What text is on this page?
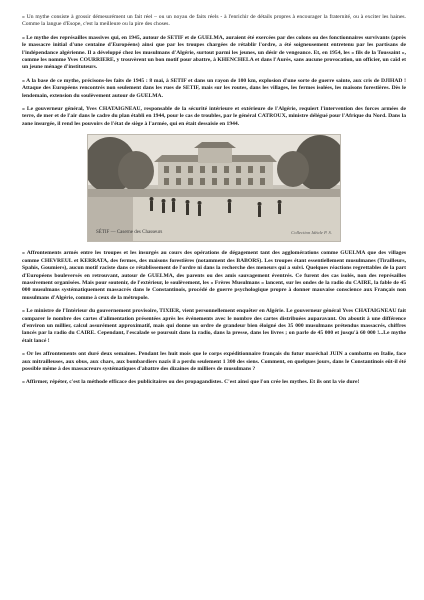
« Un mythe consiste à grossir démesurément un fait réel – ou un noyau de faits réels - à l'enrichir de détails propres à encourager la fraternité, ou à exciter les haines. Comme la langue d'Esope, c'est la meilleure ou la pire des choses.

« Le mythe des représailles massives qui, en 1945, autour de SETIF et de GUELMA, auraient été exercées par des colons ou des fonctionnaires survivants (après le massacre initial d'une centaine d'Européens) ainsi que par les troupes chargées de rétablir l'ordre, a été soigneusement entretenu par les partisans de l'indépendance algérienne. Il a développé chez les musulmans d'Algérie, surtout parmi les jeunes, un désir de vengeance. Et, en 1954, les « fils de la Toussaint », comme les nomme Yves COURRIERE, y trouvèrent un bon motif pour abattre, à KHENCHELA et dans l'Aurès, sans aucune provocation, un officier, un caïd et un jeune ménage d'instituteurs.

« A la base de ce mythe, précisons-les faits de 1945 : 8 mai, à SETIF et dans un rayon de 100 km, explosion d'une sorte de guerre sainte, aux cris de DJIHAD ! Attaque des Européens rencontrés non seulement dans les rues de SETIF, mais sur les routes, dans les villages, les fermes isolées, les maisons forestières. Dès le lendemain, extension du soulèvement autour de GUELMA.

« Le gouverneur général, Yves CHATAIGNEAU, responsable de la sécurité intérieure et extérieure de l'Algérie, requiert l'intervention des forces armées de terre, de mer et de l'air dans le cadre du plan établi en 1944, pour le cas de troubles, par le général CATROUX, ministre délégué pour l'Afrique du Nord. Dans la zone insurgée, il rend les pouvoirs de l'état de siège à l'armée, qui en était dessaisie en 1944.

SÉTIF — Caserne des Chasseurs	Collection Idéale P. S.

« Affrontements armés entre les troupes et les insurgés au cours des opérations de dégagement tant des agglomérations comme GUELMA que des villages comme CHEVREUL et KERRATA, des fermes, des maisons forestières (notamment des BABORS). Les troupes étant essentiellement musulmanes (Tirailleurs, Spahis, Goumiers), aucun motif raciste dans ce rétablissement de l'ordre ni dans la recherche des meneurs qui a suivi. Quelques réactions regrettables de la part d'Européens bouleversés en retrouvant, autour de GUELMA, des parents ou des amis sauvagement éventrés. Ce furent des cas isolés, non des représailles massivement organisées. Mais pour soutenir, de l'extérieur, le soulèvement, les « Frères Musulmans » lancent, sur les ondes de la radio du CAIRE, la fable de 45 000 musulmans systématiquement massacrés dans le Constantinois, procédé de guerre psychologique propre à donner mauvaise conscience aux Français non musulmans d'Algérie, comme à ceux de la métropole.

« Le ministre de l'Intérieur du gouvernement provisoire, TIXIER, vient personnellement enquêter en Algérie. Le gouverneur général Yves CHATAIGNEAU fait comparer le nombre des cartes d'alimentation présentées après les événements avec le nombre des cartes distribuées auparavant. On aboutit à une différence d'environ un millier, calcul assurément approximatif, mais qui donne un ordre de grandeur bien éloigné des 35 000 musulmans prétendus massacrés, chiffres lancés par la radio du CAIRE. Cependant, l'escalade se poursuit dans la radio, dans la presse, dans les livres ; on parle de 45 000 et jusqu'à 60 000 !...Le mythe était lancé !

« Or les affrontements ont duré deux semaines. Pendant les huit mois que le corps expéditionnaire français du futur maréchal JUIN a combattu en Italie, face aux mitrailleuses, aux obus, aux chars, aux bombardiers nazis il a perdu seulement 1 300 des siens. Comment, en quelques jours, dans le Constantinois eût-il été possible même à des massacreurs systématiques d'abattre des dizaines de milliers de musulmans ?

« Affirmer, répéter, c'est la méthode efficace des publicitaires ou des propagandistes. C'est ainsi que l'on crée les mythes. Et ils ont la vie dure!
